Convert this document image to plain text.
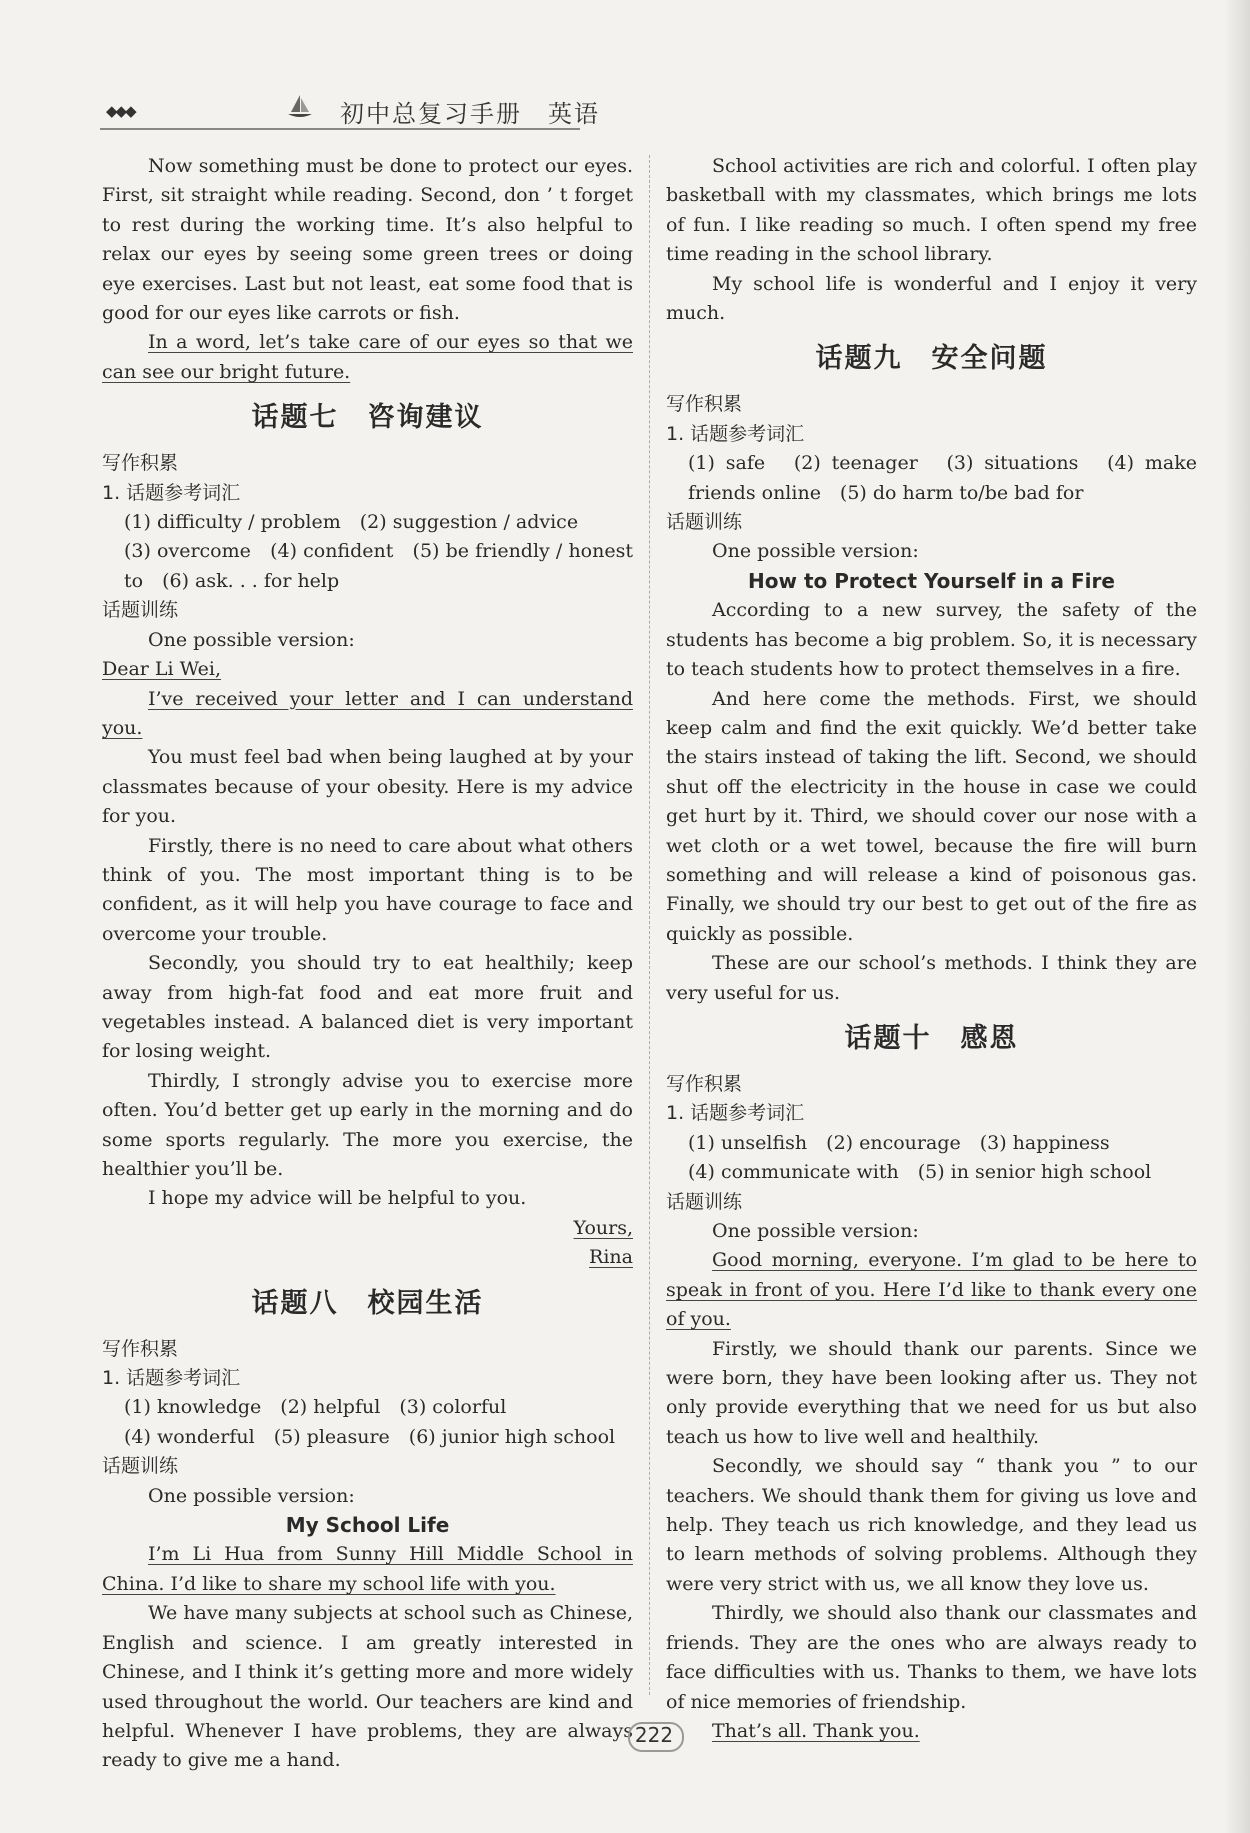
◆◆◆	初中总复习手册　英语

Now something must be done to protect our eyes. First, sit straight while reading. Second, don ’ t forget to rest during the working time. It’s also helpful to relax our eyes by seeing some green trees or doing eye exercises. Last but not least, eat some food that is good for our eyes like carrots or fish.

In a word, let’s take care of our eyes so that we can see our bright future.

话题七　咨询建议
写作积累
1. 话题参考词汇

(1) difficulty / problem　(2) suggestion / advice

(3) overcome　(4) confident　(5) be friendly / honest to　(6) ask. . . for help

话题训练

One possible version:

Dear Li Wei,

I’ve received your letter and I can understand you.

You must feel bad when being laughed at by your classmates because of your obesity. Here is my advice for you.

Firstly, there is no need to care about what others think of you. The most important thing is to be confident, as it will help you have courage to face and overcome your trouble.

Secondly, you should try to eat healthily; keep away from high-fat food and eat more fruit and vegetables instead. A balanced diet is very important for losing weight.

Thirdly, I strongly advise you to exercise more often. You’d better get up early in the morning and do some sports regularly. The more you exercise, the healthier you’ll be.

I hope my advice will be helpful to you.

Yours,

Rina

话题八　校园生活
写作积累
1. 话题参考词汇

(1) knowledge　(2) helpful　(3) colorful

(4) wonderful　(5) pleasure　(6) junior high school

话题训练

One possible version:

My School Life

I’m Li Hua from Sunny Hill Middle School in China. I’d like to share my school life with you.

We have many subjects at school such as Chinese, English and science. I am greatly interested in Chinese, and I think it’s getting more and more widely used throughout the world. Our teachers are kind and helpful. Whenever I have problems, they are always ready to give me a hand.

School activities are rich and colorful. I often play basketball with my classmates, which brings me lots of fun. I like reading so much. I often spend my free time reading in the school library.

My school life is wonderful and I enjoy it very much.

话题九　安全问题
写作积累
1. 话题参考词汇

(1) safe　(2) teenager　(3) situations　(4) make friends online　(5) do harm to/be bad for

话题训练

One possible version:

How to Protect Yourself in a Fire

According to a new survey, the safety of the students has become a big problem. So, it is necessary to teach students how to protect themselves in a fire.

And here come the methods. First, we should keep calm and find the exit quickly. We’d better take the stairs instead of taking the lift. Second, we should shut off the electricity in the house in case we could get hurt by it. Third, we should cover our nose with a wet cloth or a wet towel, because the fire will burn something and will release a kind of poisonous gas. Finally, we should try our best to get out of the fire as quickly as possible.

These are our school’s methods. I think they are very useful for us.

话题十　感恩
写作积累
1. 话题参考词汇

(1) unselfish　(2) encourage　(3) happiness

(4) communicate with　(5) in senior high school

话题训练

One possible version:

Good morning, everyone. I’m glad to be here to speak in front of you. Here I’d like to thank every one of you.

Firstly, we should thank our parents. Since we were born, they have been looking after us. They not only provide everything that we need for us but also teach us how to live well and healthily.

Secondly, we should say “ thank you ” to our teachers. We should thank them for giving us love and help. They teach us rich knowledge, and they lead us to learn methods of solving problems. Although they were very strict with us, we all know they love us.

Thirdly, we should also thank our classmates and friends. They are the ones who are always ready to face difficulties with us. Thanks to them, we have lots of nice memories of friendship.

That’s all. Thank you.

222
